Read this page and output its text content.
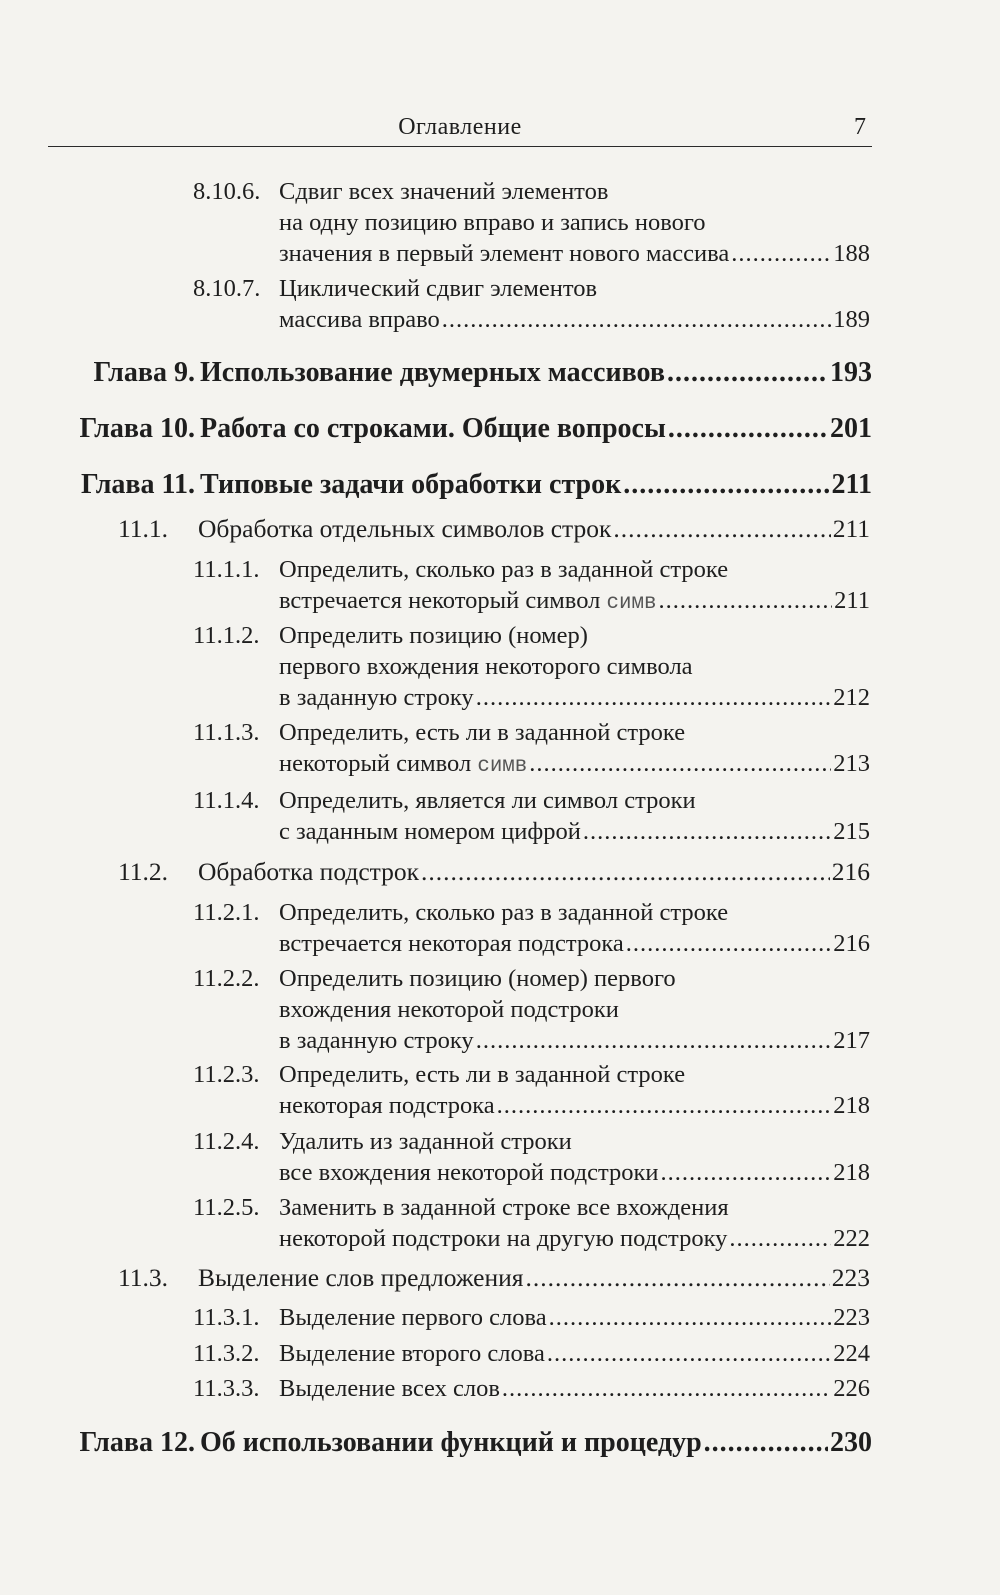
Оглавление	7
8.10.6. Сдвиг всех значений элементов
на одну позицию вправо и запись нового
значения в первый элемент нового массива .....	188
8.10.7. Циклический сдвиг элементов
массива вправо .....	189
Глава 9. Использование двумерных массивов .....	193
Глава 10. Работа со строками. Общие вопросы .....	201
Глава 11. Типовые задачи обработки строк .....	211
11.1.	Обработка отдельных символов строк .....	211
11.1.1. Определить, сколько раз в заданной строке
встречается некоторый символ
симв .....	211
11.1.2. Определить позицию (номер)
первого вхождения некоторого символа
в заданную строку .....	212
11.1.3. Определить, есть ли в заданной строке
некоторый символ
симв .....	213
11.1.4. Определить, является ли символ строки
с заданным номером цифрой .....	215
11.2.	Обработка подстрок .....	216
11.2.1. Определить, сколько раз в заданной строке
встречается некоторая подстрока .....	216
11.2.2. Определить позицию (номер) первого
вхождения некоторой подстроки
в заданную строку .....	217
11.2.3. Определить, есть ли в заданной строке
некоторая подстрока .....	218
11.2.4. Удалить из заданной строки
все вхождения некоторой подстроки .....	218
11.2.5. Заменить в заданной строке все вхождения
некоторой подстроки на другую подстроку .....	222
11.3.	Выделение слов предложения .....	223
11.3.1. Выделение первого слова .....	223
11.3.2. Выделение второго слова .....	224
11.3.3. Выделение всех слов .....	226
Глава 12. Об использовании функций и процедур .....	230
